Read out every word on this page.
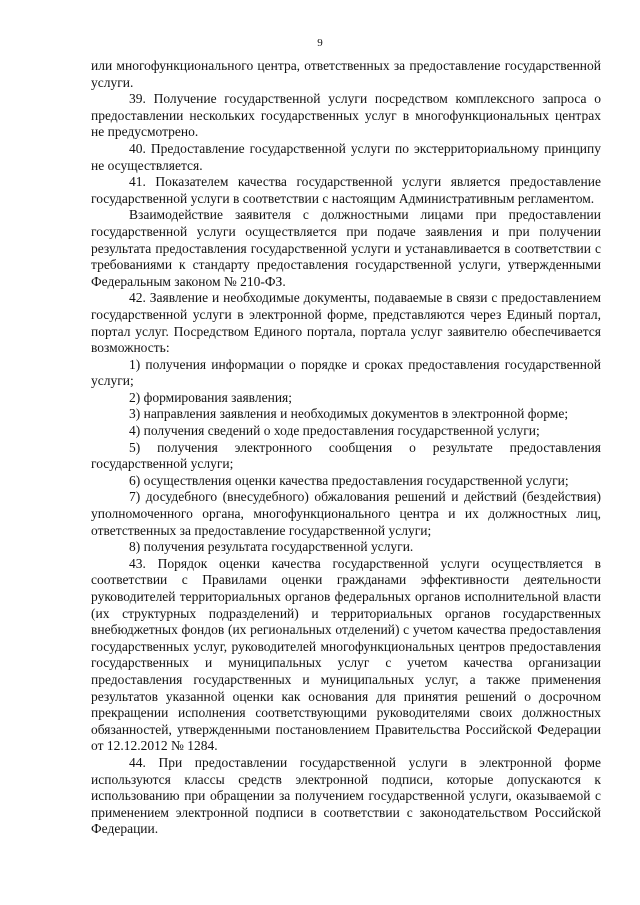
9

или многофункционального центра, ответственных за предоставление государственной услуги.

39. Получение государственной услуги посредством комплексного запроса о предоставлении нескольких государственных услуг в многофункциональных центрах не предусмотрено.

40. Предоставление государственной услуги по экстерриториальному принципу не осуществляется.

41. Показателем качества государственной услуги является предоставление государственной услуги в соответствии с настоящим Административным регламентом.

Взаимодействие заявителя с должностными лицами при предоставлении государственной услуги осуществляется при подаче заявления и при получении результата предоставления государственной услуги и устанавливается в соответствии с требованиями к стандарту предоставления государственной услуги, утвержденными Федеральным законом № 210-ФЗ.

42. Заявление и необходимые документы, подаваемые в связи с предоставлением государственной услуги в электронной форме, представляются через Единый портал, портал услуг. Посредством Единого портала, портала услуг заявителю обеспечивается возможность:

1) получения информации о порядке и сроках предоставления государственной услуги;

2) формирования заявления;

3) направления заявления и необходимых документов в электронной форме;

4) получения сведений о ходе предоставления государственной услуги;

5) получения электронного сообщения о результате предоставления государственной услуги;

6) осуществления оценки качества предоставления государственной услуги;

7) досудебного (внесудебного) обжалования решений и действий (бездействия) уполномоченного органа, многофункционального центра и их должностных лиц, ответственных за предоставление государственной услуги;

8) получения результата государственной услуги.

43. Порядок оценки качества государственной услуги осуществляется в соответствии с Правилами оценки гражданами эффективности деятельности руководителей территориальных органов федеральных органов исполнительной власти (их структурных подразделений) и территориальных органов государственных внебюджетных фондов (их региональных отделений) с учетом качества предоставления государственных услуг, руководителей многофункциональных центров предоставления государственных и муниципальных услуг с учетом качества организации предоставления государственных и муниципальных услуг, а также применения результатов указанной оценки как основания для принятия решений о досрочном прекращении исполнения соответствующими руководителями своих должностных обязанностей, утвержденными постановлением Правительства Российской Федерации от 12.12.2012 № 1284.

44. При предоставлении государственной услуги в электронной форме используются классы средств электронной подписи, которые допускаются к использованию при обращении за получением государственной услуги, оказываемой с применением электронной подписи в соответствии с законодательством Российской Федерации.
